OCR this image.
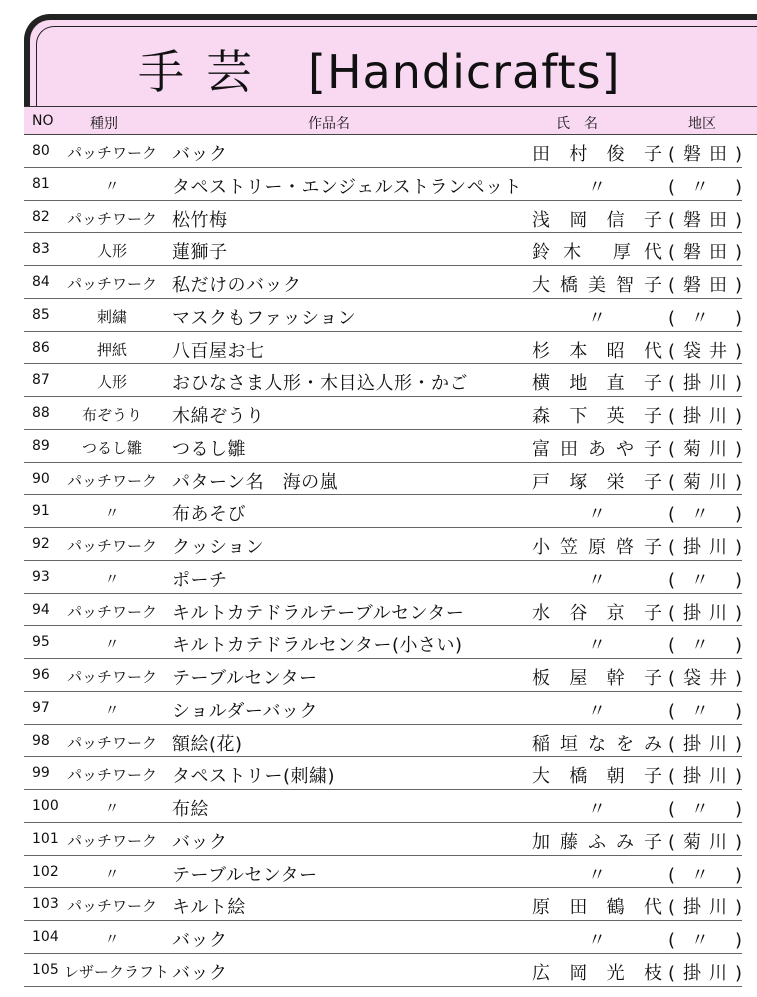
手芸 [Handicrafts]
NO	種別	作品名	氏　名	地区
80 パッチワーク バック	田村俊子 (磐田)
81	〃	タペストリー・エンジェルストランペット	〃	( 〃 )
82 パッチワーク 松竹梅	浅岡信子 (磐田)
83	人形	蓮獅子	鈴木 厚代 (磐田)
84 パッチワーク 私だけのバック	大橋美智子 (磐田)
85	刺繍	マスクもファッション	〃	( 〃 )
86	押紙	八百屋お七	杉本昭代 (袋井)
87	人形	おひなさま人形・木目込人形・かご	横地直子 (掛川)
88	布ぞうり	木綿ぞうり	森下英子 (掛川)
89	つるし雛	つるし雛	富田あや子 (菊川)
90 パッチワーク パターン名　海の嵐	戸塚栄子 (菊川)
91	〃	布あそび	〃	( 〃 )
92 パッチワーク クッション	小笠原啓子 (掛川)
93	〃	ポーチ	〃	( 〃 )
94 パッチワーク キルトカテドラルテーブルセンター	水谷京子 (掛川)
95	〃	キルトカテドラルセンター(小さい)	〃	( 〃 )
96 パッチワーク テーブルセンター	板屋幹子 (袋井)
97	〃	ショルダーバック	〃	( 〃 )
98 パッチワーク 額絵(花)	稲垣なをみ (掛川)
99 パッチワーク タペストリー(刺繍)	大橋朝子 (掛川)
100	〃	布絵	〃	( 〃 )
101 パッチワーク バック	加藤ふみ子 (菊川)
102	〃	テーブルセンター	〃	( 〃 )
103 パッチワーク キルト絵	原田鶴代 (掛川)
104	〃	バック	〃	( 〃 )
105 レザークラフト バック	広岡光枝 (掛川)
